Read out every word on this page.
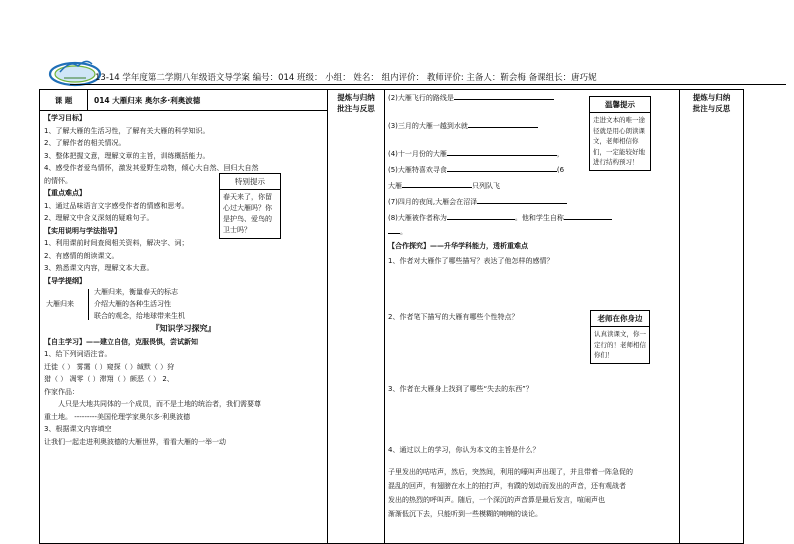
13-14 学年度第二学期八年级语文导学案 编号：014 班级： 小组： 姓名： 组内评价： 教师评价: 主备人：靳会梅 备课组长：唐巧妮
课 题	014 大雁归来 奥尔多·利奥波德	提炼与归纳
批注与反思

(2)大雁飞行的路线是

(3)三月的大雁一越到水就

(4)十一月份的大雁	，

(5)大雁特喜欢寻食	(6

大雁	只列队飞

(7)四月的夜间,大雁会在沼泽

(8)大雁被作者称为	。他和学生自称

。

【合作探究】——升华学科能力，透析重难点

1、作者对大雁作了哪些描写？表达了他怎样的感情？

2、作者笔下描写的大雁有哪些个性特点？

3、作者在大雁身上找到了哪些“失去的东西”？

4、通过以上的学习，你认为本文的主旨是什么？

子里发出的咕咕声，然后，突然间，利用的嚎叫声出现了，并且带着一阵急促的

混乱的回声，有翅膀在水上的拍打声，有蹼的划动而发出的声音，还有观战者

发出的热烈的呼叫声。随后，一个深沉的声音算是最后发言，喧闹声也

渐渐低沉下去，只能听到一些模糊的喃喃的谈论。

提炼与归纳
批注与反思

【学习目标】

1、了解大雁的生活习性，了解有关大雁的科学知识。

2、了解作者的相关情况。

3、整体把握文意，理解文章的主旨，训练概括能力。

4、感受作者爱鸟情怀，激发其爱野生动物，倾心大自然、回归大自然

的情怀。

【重点难点】

1、通过品味语言文字感受作者的情感和思考。

2、理解文中含义深刻的疑难句子。

【实用说明与学法指导】

1、利用课前时间查阅相关资料，解决字、词；

2、有感情的朗读课文。

3、熟悉课文内容，理解文本大意。

【导学提纲】

大雁归来
大雁归来，衡量春天的标志
介绍大雁的各种生活习性
联合的观念，给地球带来生机

『知识学习探究』

【自主学习】——建立自信，克服畏惧，尝试新知

1、给下列词语注音。

迁徙（ ） 雾霭（ ）窥探（ ）缄默（ ）狩

猎（ ） 凋零（ ）滞翔（ ）颇恶（ ） 2、

作家作品：

人只是大地共同体的一个成员，而不是土地的统治者，我们需要尊

重土地。 ---------美国伦理学家奥尔多·利奥波德

3、根据课文内容填空

让我们一起走进利奥波德的大雁世界，看看大雁的一举一动

特别提示
春天来了，你留心过大雁吗？你是护鸟、爱鸟的卫士吗？
温馨提示
走进文本的唯一途径就是用心朗读课文，老师相信你们，一定能较好地进行结构预习！
老师在你身边
认真读课文，你一定行的！老师相信你们！
